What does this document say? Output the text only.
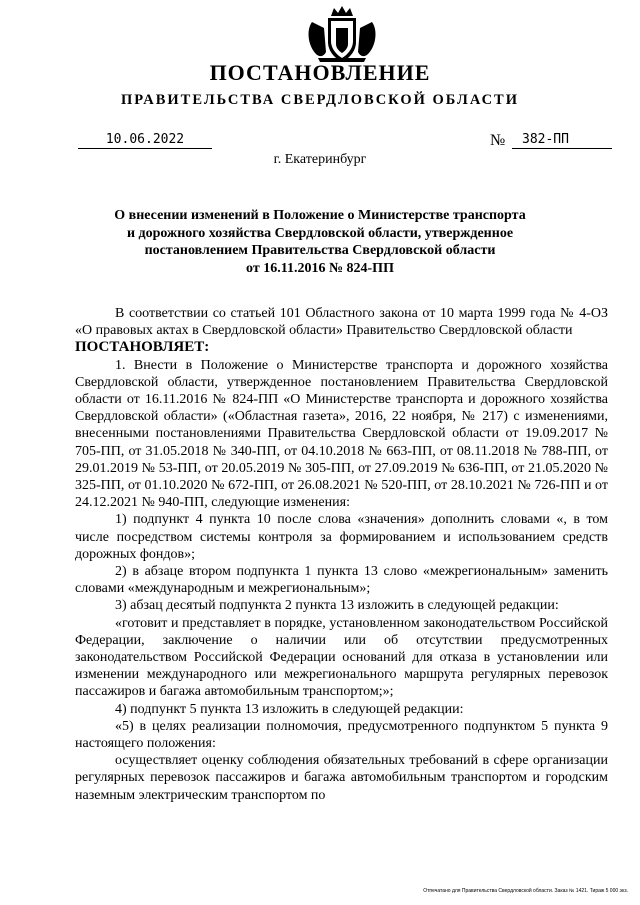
ПОСТАНОВЛЕНИЕ
ПРАВИТЕЛЬСТВА СВЕРДЛОВСКОЙ ОБЛАСТИ
10.06.2022	№	382-ПП
г. Екатеринбург
О внесении изменений в Положение о Министерстве транспорта
и дорожного хозяйства Свердловской области, утвержденное
постановлением Правительства Свердловской области
от 16.11.2016 № 824-ПП

В соответствии со статьей 101 Областного закона от 10 марта 1999 года № 4-ОЗ «О правовых актах в Свердловской области» Правительство Свердловской области

ПОСТАНОВЛЯЕТ:

1. Внести в Положение о Министерстве транспорта и дорожного хозяйства Свердловской области, утвержденное постановлением Правительства Свердловской области от 16.11.2016 № 824-ПП «О Министерстве транспорта и дорожного хозяйства Свердловской области» («Областная газета», 2016, 22 ноября, № 217) с изменениями, внесенными постановлениями Правительства Свердловской области от 19.09.2017 № 705-ПП, от 31.05.2018 № 340-ПП, от 04.10.2018 № 663-ПП, от 08.11.2018 № 788-ПП, от 29.01.2019 № 53-ПП, от 20.05.2019 № 305-ПП, от 27.09.2019 № 636-ПП, от 21.05.2020 № 325-ПП, от 01.10.2020 № 672-ПП, от 26.08.2021 № 520-ПП, от 28.10.2021 № 726-ПП и от 24.12.2021 № 940-ПП, следующие изменения:

1) подпункт 4 пункта 10 после слова «значения» дополнить словами «, в том числе посредством системы контроля за формированием и использованием средств дорожных фондов»;

2) в абзаце втором подпункта 1 пункта 13 слово «межрегиональным» заменить словами «международным и межрегиональным»;

3) абзац десятый подпункта 2 пункта 13 изложить в следующей редакции:

«готовит и представляет в порядке, установленном законодательством Российской Федерации, заключение о наличии или об отсутствии предусмотренных законодательством Российской Федерации оснований для отказа в установлении или изменении международного или межрегионального маршрута регулярных перевозок пассажиров и багажа автомобильным транспортом;»;

4) подпункт 5 пункта 13 изложить в следующей редакции:

«5) в целях реализации полномочия, предусмотренного подпунктом 5 пункта 9 настоящего положения:

осуществляет оценку соблюдения обязательных требований в сфере организации регулярных перевозок пассажиров и багажа автомобильным транспортом и городским наземным электрическим транспортом по

Отпечатано для Правительства Свердловской области. Заказ № 1421. Тираж 5 000 экз.
